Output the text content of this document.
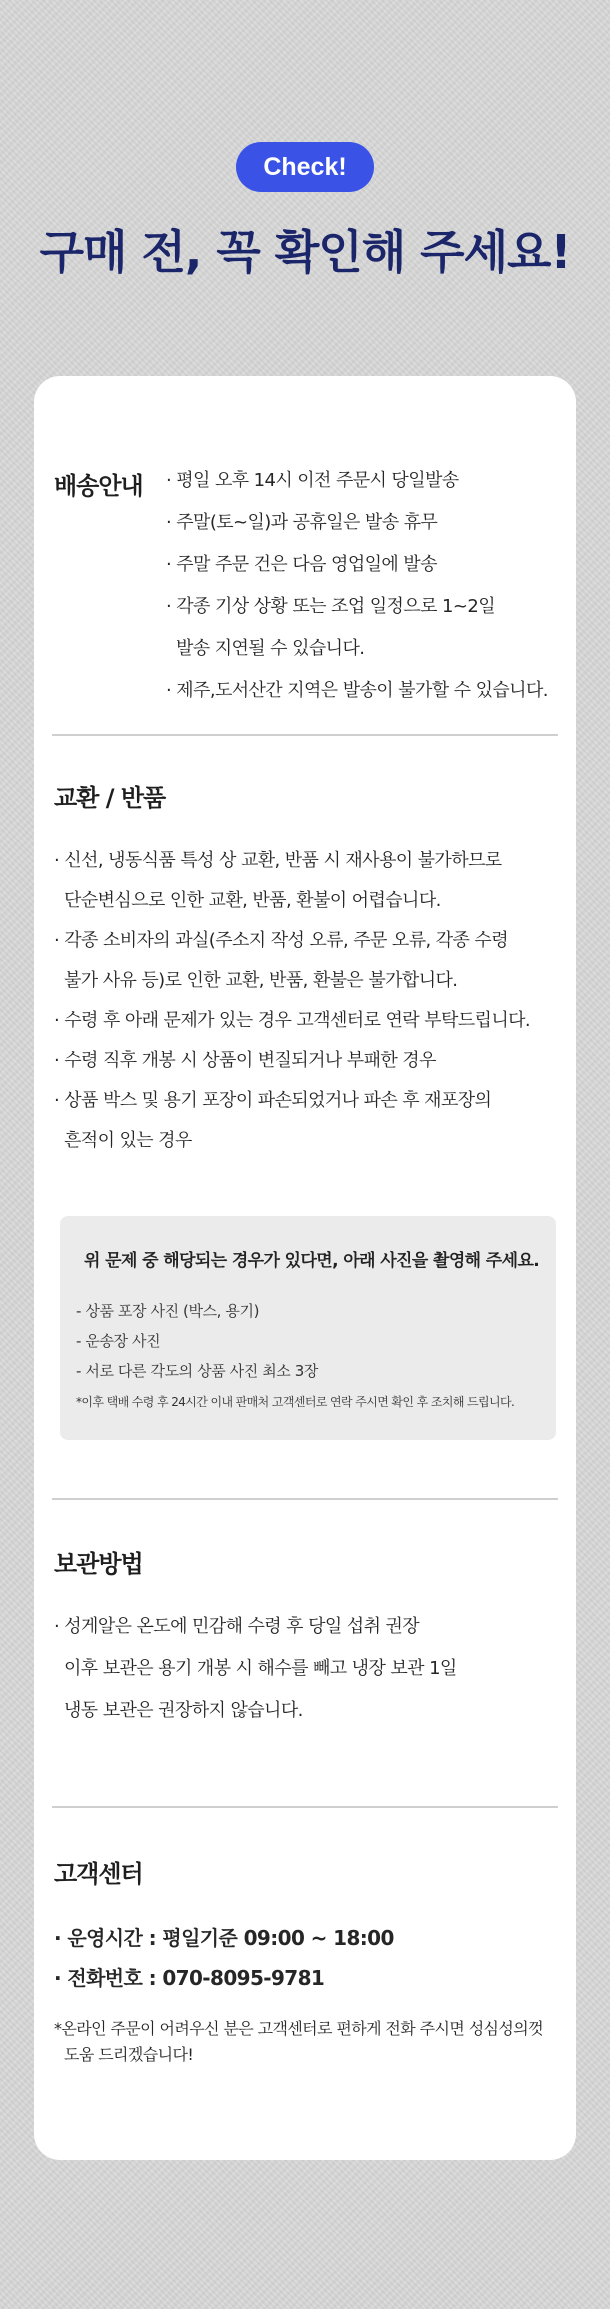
Check!
구매 전, 꼭 확인해 주세요!
배송안내 · 평일 오후 14시 이전 주문시 당일발송
· 주말(토~일)과 공휴일은 발송 휴무
· 주말 주문 건은 다음 영업일에 발송
· 각종 기상 상황 또는 조업 일정으로 1~2일
발송 지연될 수 있습니다.
· 제주,도서산간 지역은 발송이 불가할 수 있습니다.
교환 / 반품
· 신선, 냉동식품 특성 상 교환, 반품 시 재사용이 불가하므로
단순변심으로 인한 교환, 반품, 환불이 어렵습니다.
· 각종 소비자의 과실(주소지 작성 오류, 주문 오류, 각종 수령
불가 사유 등)로 인한 교환, 반품, 환불은 불가합니다.
· 수령 후 아래 문제가 있는 경우 고객센터로 연락 부탁드립니다.
· 수령 직후 개봉 시 상품이 변질되거나 부패한 경우
· 상품 박스 및 용기 포장이 파손되었거나 파손 후 재포장의
흔적이 있는 경우
위 문제 중 해당되는 경우가 있다면, 아래 사진을 촬영해 주세요.
- 상품 포장 사진 (박스, 용기)
- 운송장 사진
- 서로 다른 각도의 상품 사진 최소 3장
*이후 택배 수령 후 24시간 이내 판매처 고객센터로 연락 주시면 확인 후 조치해 드립니다.
보관방법
· 성게알은 온도에 민감해 수령 후 당일 섭취 권장
이후 보관은 용기 개봉 시 해수를 빼고 냉장 보관 1일
냉동 보관은 권장하지 않습니다.
고객센터
· 운영시간 : 평일기준 09:00 ~ 18:00
· 전화번호 : 070-8095-9781
*온라인 주문이 어려우신 분은 고객센터로 편하게 전화 주시면 성심성의껏
도움 드리겠습니다!
